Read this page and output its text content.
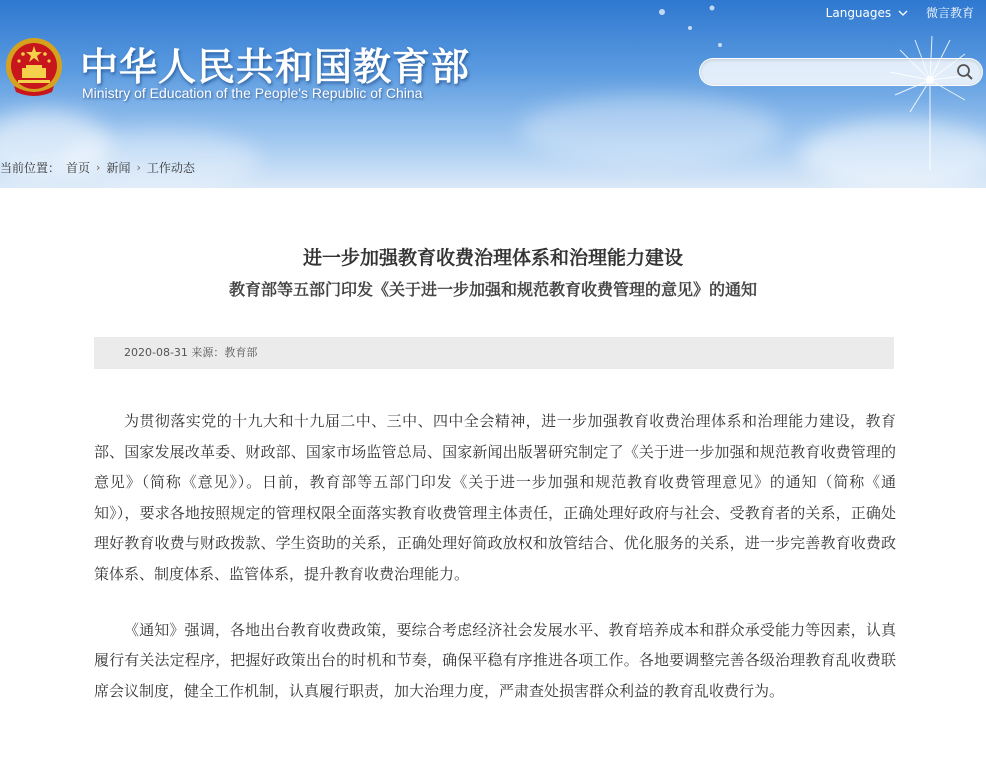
中华人民共和国教育部
Ministry of Education of the People's Republic of China
Languages	微言教育
当前位置： 首页 › 新闻 › 工作动态
进一步加强教育收费治理体系和治理能力建设
教育部等五部门印发《关于进一步加强和规范教育收费管理的意见》的通知
2020-08-31 来源：教育部

为贯彻落实党的十九大和十九届二中、三中、四中全会精神，进一步加强教育收费治理体系和治理能力建设，教育部、国家发展改革委、财政部、国家市场监管总局、国家新闻出版署研究制定了《关于进一步加强和规范教育收费管理的意见》（简称《意见》）。日前，教育部等五部门印发《关于进一步加强和规范教育收费管理意见》的通知（简称《通知》），要求各地按照规定的管理权限全面落实教育收费管理主体责任，正确处理好政府与社会、受教育者的关系，正确处理好教育收费与财政拨款、学生资助的关系，正确处理好简政放权和放管结合、优化服务的关系，进一步完善教育收费政策体系、制度体系、监管体系，提升教育收费治理能力。

《通知》强调，各地出台教育收费政策，要综合考虑经济社会发展水平、教育培养成本和群众承受能力等因素，认真履行有关法定程序，把握好政策出台的时机和节奏，确保平稳有序推进各项工作。各地要调整完善各级治理教育乱收费联席会议制度，健全工作机制，认真履行职责，加大治理力度，严肃查处损害群众利益的教育乱收费行为。
